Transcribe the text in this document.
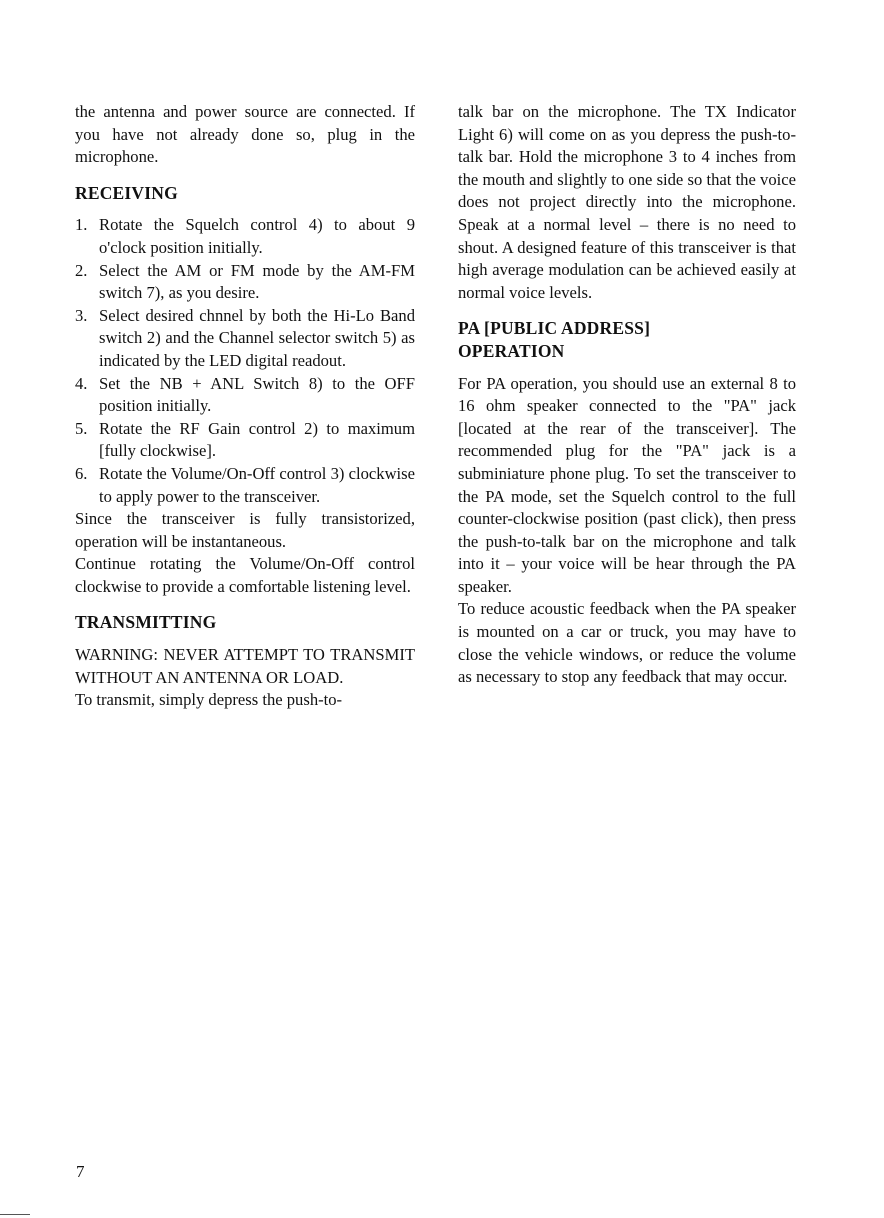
the antenna and power source are connected. If you have not already done so, plug in the microphone.

RECEIVING
1. Rotate the Squelch control 4) to about 9 o'clock position initially.
2. Select the AM or FM mode by the AM-FM switch 7), as you desire.
3. Select desired chnnel by both the Hi-Lo Band switch 2) and the Channel selector switch 5) as indicated by the LED digital readout.
4. Set the NB + ANL Switch 8) to the OFF position initially.
5. Rotate the RF Gain control 2) to maximum [fully clockwise].
6. Rotate the Volume/On-Off control 3) clockwise to apply power to the transceiver.

Since the transceiver is fully transistorized, operation will be instantaneous.

Continue rotating the Volume/On-Off control clockwise to provide a comfortable listening level.

TRANSMITTING

WARNING: NEVER ATTEMPT TO TRANSMIT WITHOUT AN ANTENNA OR LOAD.

To transmit, simply depress the push-to-

talk bar on the microphone. The TX Indicator Light 6) will come on as you depress the push-to-talk bar. Hold the microphone 3 to 4 inches from the mouth and slightly to one side so that the voice does not project directly into the microphone. Speak at a normal level – there is no need to shout. A designed feature of this transceiver is that high average modulation can be achieved easily at normal voice levels.

PA [PUBLIC ADDRESS]
OPERATION

For PA operation, you should use an external 8 to 16 ohm speaker connected to the "PA" jack [located at the rear of the transceiver]. The recommended plug for the "PA" jack is a subminiature phone plug. To set the transceiver to the PA mode, set the Squelch control to the full counter-clockwise position (past click), then press the push-to-talk bar on the microphone and talk into it – your voice will be hear through the PA speaker.

To reduce acoustic feedback when the PA speaker is mounted on a car or truck, you may have to close the vehicle windows, or reduce the volume as necessary to stop any feedback that may occur.

7
